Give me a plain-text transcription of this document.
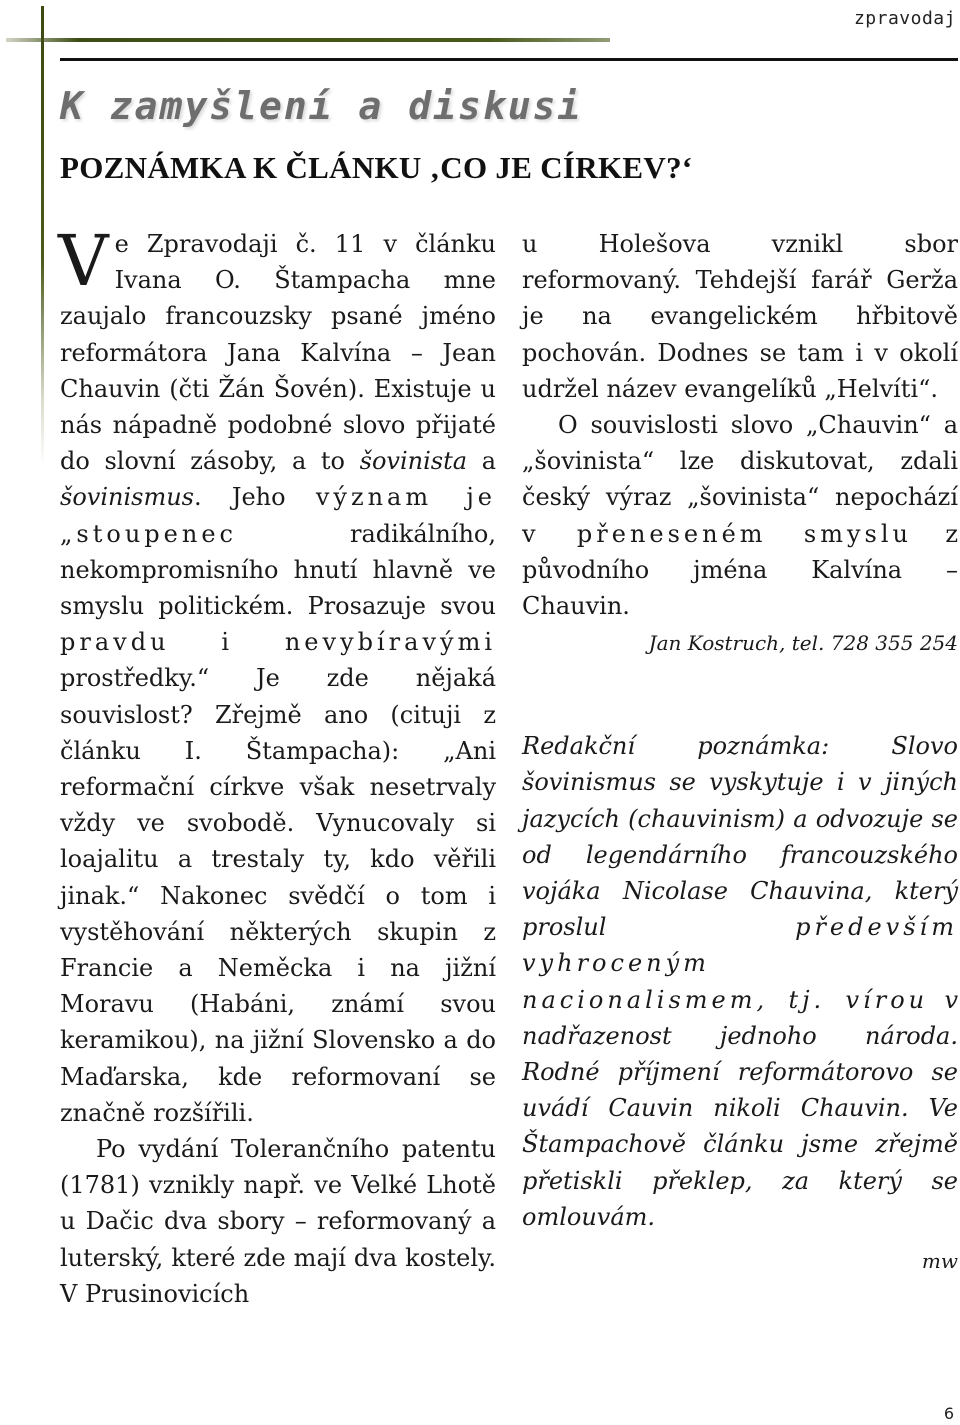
zpravodaj
K zamyšlení a diskusi
POZNÁMKA K ČLÁNKU ‚CO JE CÍRKEV?‘

Ve Zpravodaji č. 11 v článku Ivana O. Štampacha mne zaujalo francouzsky psané jméno reformátora Jana Kalvína – Jean Chauvin (čti Žán Šovén). Existuje u nás nápadně podobné slovo přijaté do slovní zásoby, a to šovinista a šovinismus. Jeho význam je „stoupenec radikálního, nekompromisního hnutí hlavně ve smyslu politickém. Prosazuje svou pravdu i nevybíravými prostředky.“ Je zde nějaká souvislost? Zřejmě ano (cituji z článku I. Štampacha): „Ani reformační církve však nesetrvaly vždy ve svobodě. Vynucovaly si loajalitu a trestaly ty, kdo věřili jinak.“ Nakonec svědčí o tom i vystěhování některých skupin z Francie a Neměcka i na jižní Moravu (Habáni, známí svou keramikou), na jižní Slovensko a do Maďarska, kde reformovaní se značně rozšířili.

Po vydání Tolerančního patentu (1781) vznikly např. ve Velké Lhotě u Dačic dva sbory – reformovaný a luterský, které zde mají dva kostely. V Prusinovicích

u Holešova vznikl sbor reformovaný. Tehdejší farář Gerža je na evangelickém hřbitově pochován. Dodnes se tam i v okolí udržel název evangelíků „Helvíti“.

O souvislosti slovo „Chauvin“ a „šovinista“ lze diskutovat, zdali český výraz „šovinista“ nepochází v přeneseném smyslu z původního jména Kalvína – Chauvin.

Jan Kostruch, tel. 728 355 254

Redakční poznámka: Slovo šovinismus se vyskytuje i v jiných jazycích (chauvinism) a odvozuje se od legendárního francouzského vojáka Nicolase Chauvina, který proslul především vyhroceným nacionalismem, tj. vírou v nadřazenost jednoho národa. Rodné příjmení reformátorovo se uvádí Cauvin nikoli Chauvin. Ve Štampachově článku jsme zřejmě přetiskli překlep, za který se omlouvám.

mw

6
